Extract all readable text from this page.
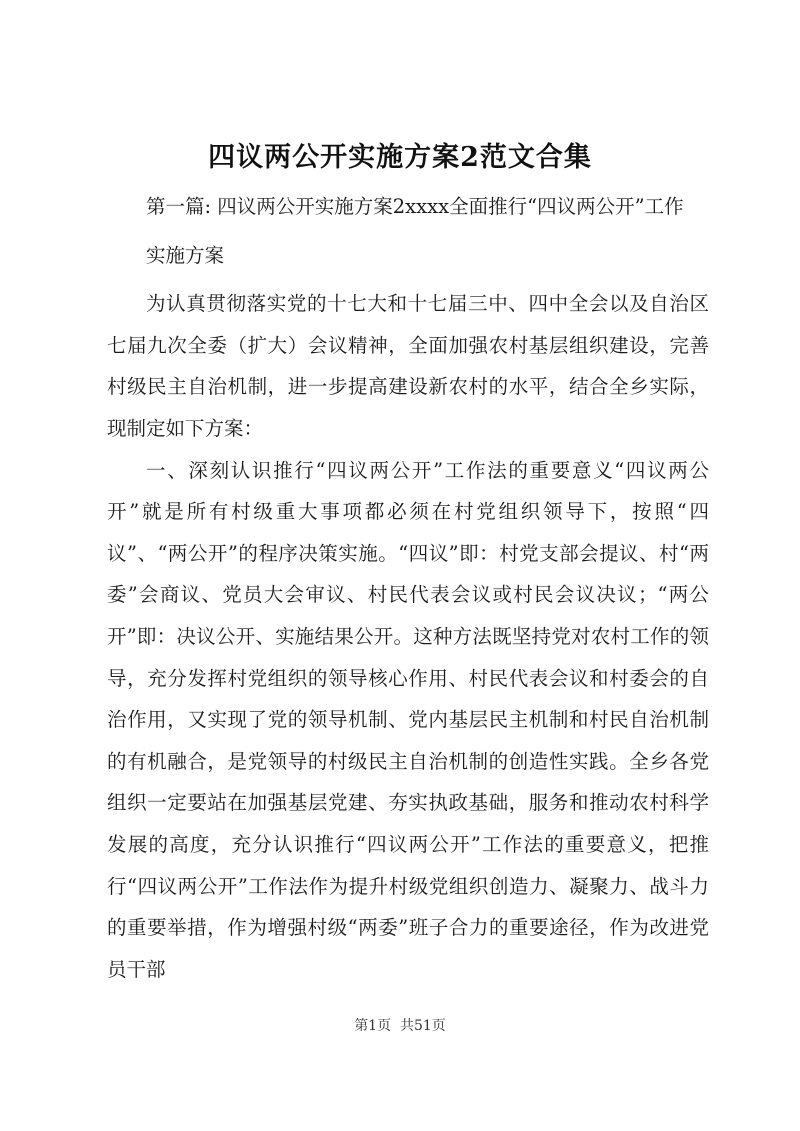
四议两公开实施方案2范文合集

第一篇: 四议两公开实施方案2xxxx全面推行“四议两公开”工作

实施方案

为认真贯彻落实党的十七大和十七届三中、四中全会以及自治区七届九次全委（扩大）会议精神，全面加强农村基层组织建设，完善村级民主自治机制，进一步提高建设新农村的水平，结合全乡实际，现制定如下方案：

一、深刻认识推行“四议两公开”工作法的重要意义“四议两公开”就是所有村级重大事项都必须在村党组织领导下，按照“四议”、“两公开”的程序决策实施。“四议”即：村党支部会提议、村“两委”会商议、党员大会审议、村民代表会议或村民会议决议；“两公开”即：决议公开、实施结果公开。这种方法既坚持党对农村工作的领导，充分发挥村党组织的领导核心作用、村民代表会议和村委会的自治作用，又实现了党的领导机制、党内基层民主机制和村民自治机制的有机融合，是党领导的村级民主自治机制的创造性实践。全乡各党组织一定要站在加强基层党建、夯实执政基础，服务和推动农村科学发展的高度，充分认识推行“四议两公开”工作法的重要意义，把推行“四议两公开”工作法作为提升村级党组织创造力、凝聚力、战斗力的重要举措，作为增强村级“两委”班子合力的重要途径，作为改进党员干部

第1页  共51页
